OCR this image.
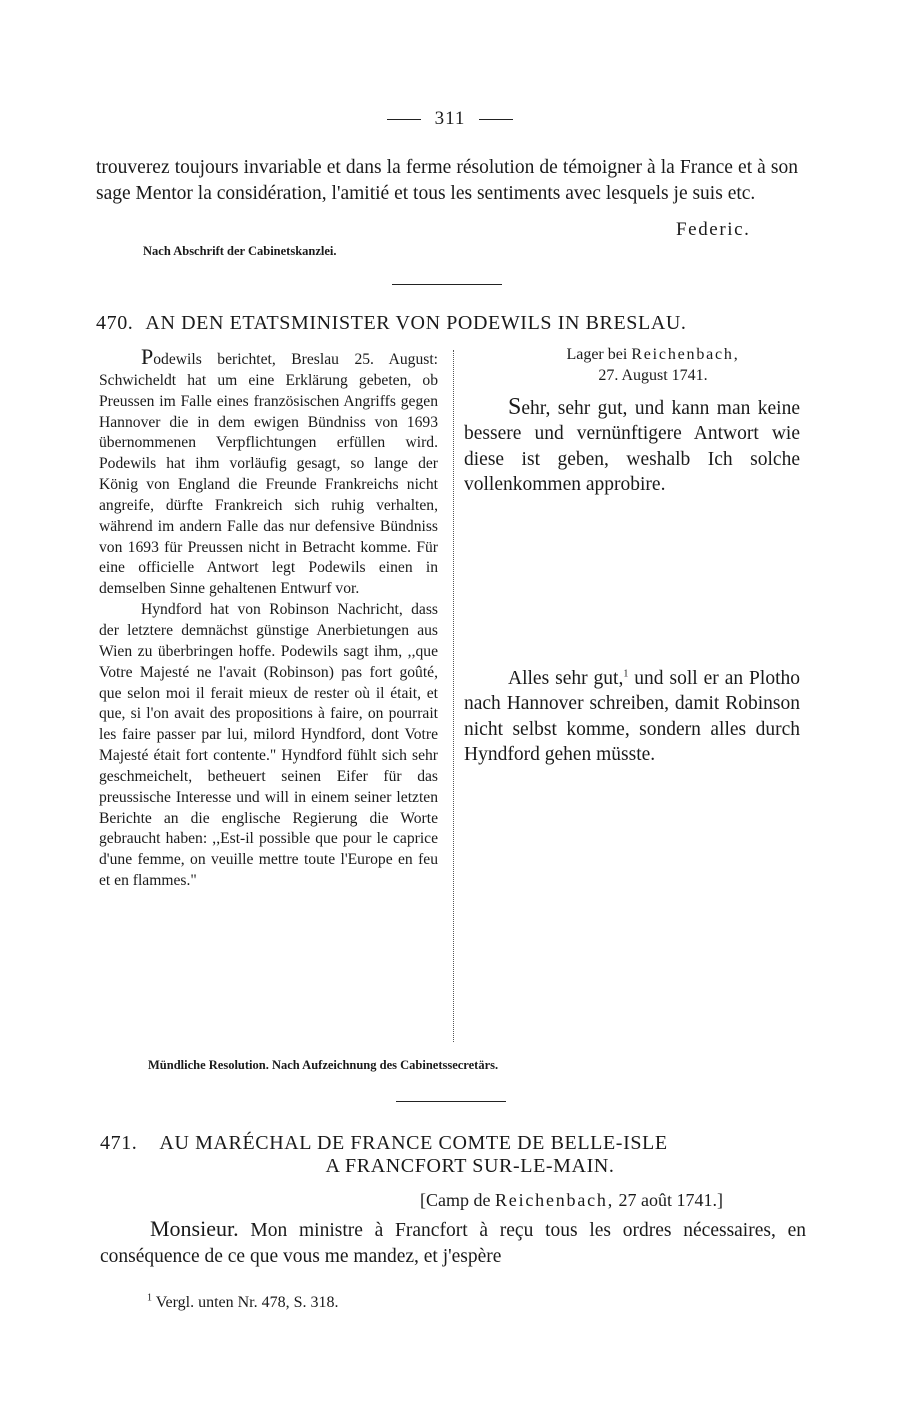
311
trouverez toujours invariable et dans la ferme résolution de témoigner à la France et à son sage Mentor la considération, l'amitié et tous les sentiments avec lesquels je suis etc.
Federic.
Nach Abschrift der Cabinetskanzlei.
470. AN DEN ETATSMINISTER VON PODEWILS IN BRESLAU.

Podewils berichtet, Breslau 25. August: Schwicheldt hat um eine Erklärung gebeten, ob Preussen im Falle eines französischen Angriffs gegen Hannover die in dem ewigen Bündniss von 1693 übernommenen Verpflichtungen erfüllen wird. Podewils hat ihm vorläufig gesagt, so lange der König von England die Freunde Frankreichs nicht angreife, dürfte Frankreich sich ruhig verhalten, während im andern Falle das nur defensive Bündniss von 1693 für Preussen nicht in Betracht komme. Für eine officielle Antwort legt Podewils einen in demselben Sinne gehaltenen Entwurf vor.

Hyndford hat von Robinson Nachricht, dass der letztere demnächst günstige Anerbietungen aus Wien zu überbringen hoffe. Podewils sagt ihm, ,,que Votre Majesté ne l'avait (Robinson) pas fort goûté, que selon moi il ferait mieux de rester où il était, et que, si l'on avait des propositions à faire, on pourrait les faire passer par lui, milord Hyndford, dont Votre Majesté était fort contente." Hyndford fühlt sich sehr geschmeichelt, betheuert seinen Eifer für das preussische Interesse und will in einem seiner letzten Berichte an die englische Regierung die Worte gebraucht haben: ,,Est-il possible que pour le caprice d'une femme, on veuille mettre toute l'Europe en feu et en flammes."

Lager bei Reichenbach,
27. August 1741.

Sehr, sehr gut, und kann man keine bessere und vernünftigere Antwort wie diese ist geben, weshalb Ich solche vollenkommen approbire.

Alles sehr gut,$^1$ und soll er an Plotho nach Hannover schreiben, damit Robinson nicht selbst komme, sondern alles durch Hyndford gehen müsste.

Mündliche Resolution. Nach Aufzeichnung des Cabinetssecretärs.
471. AU MARÉCHAL DE FRANCE COMTE DE BELLE-ISLE
A FRANCFORT SUR-LE-MAIN.
[Camp de Reichenbach, 27 août 1741.]

Monsieur. Mon ministre à Francfort à reçu tous les ordres nécessaires, en conséquence de ce que vous me mandez, et j'espère

$^1$ Vergl. unten Nr. 478, S. 318.
